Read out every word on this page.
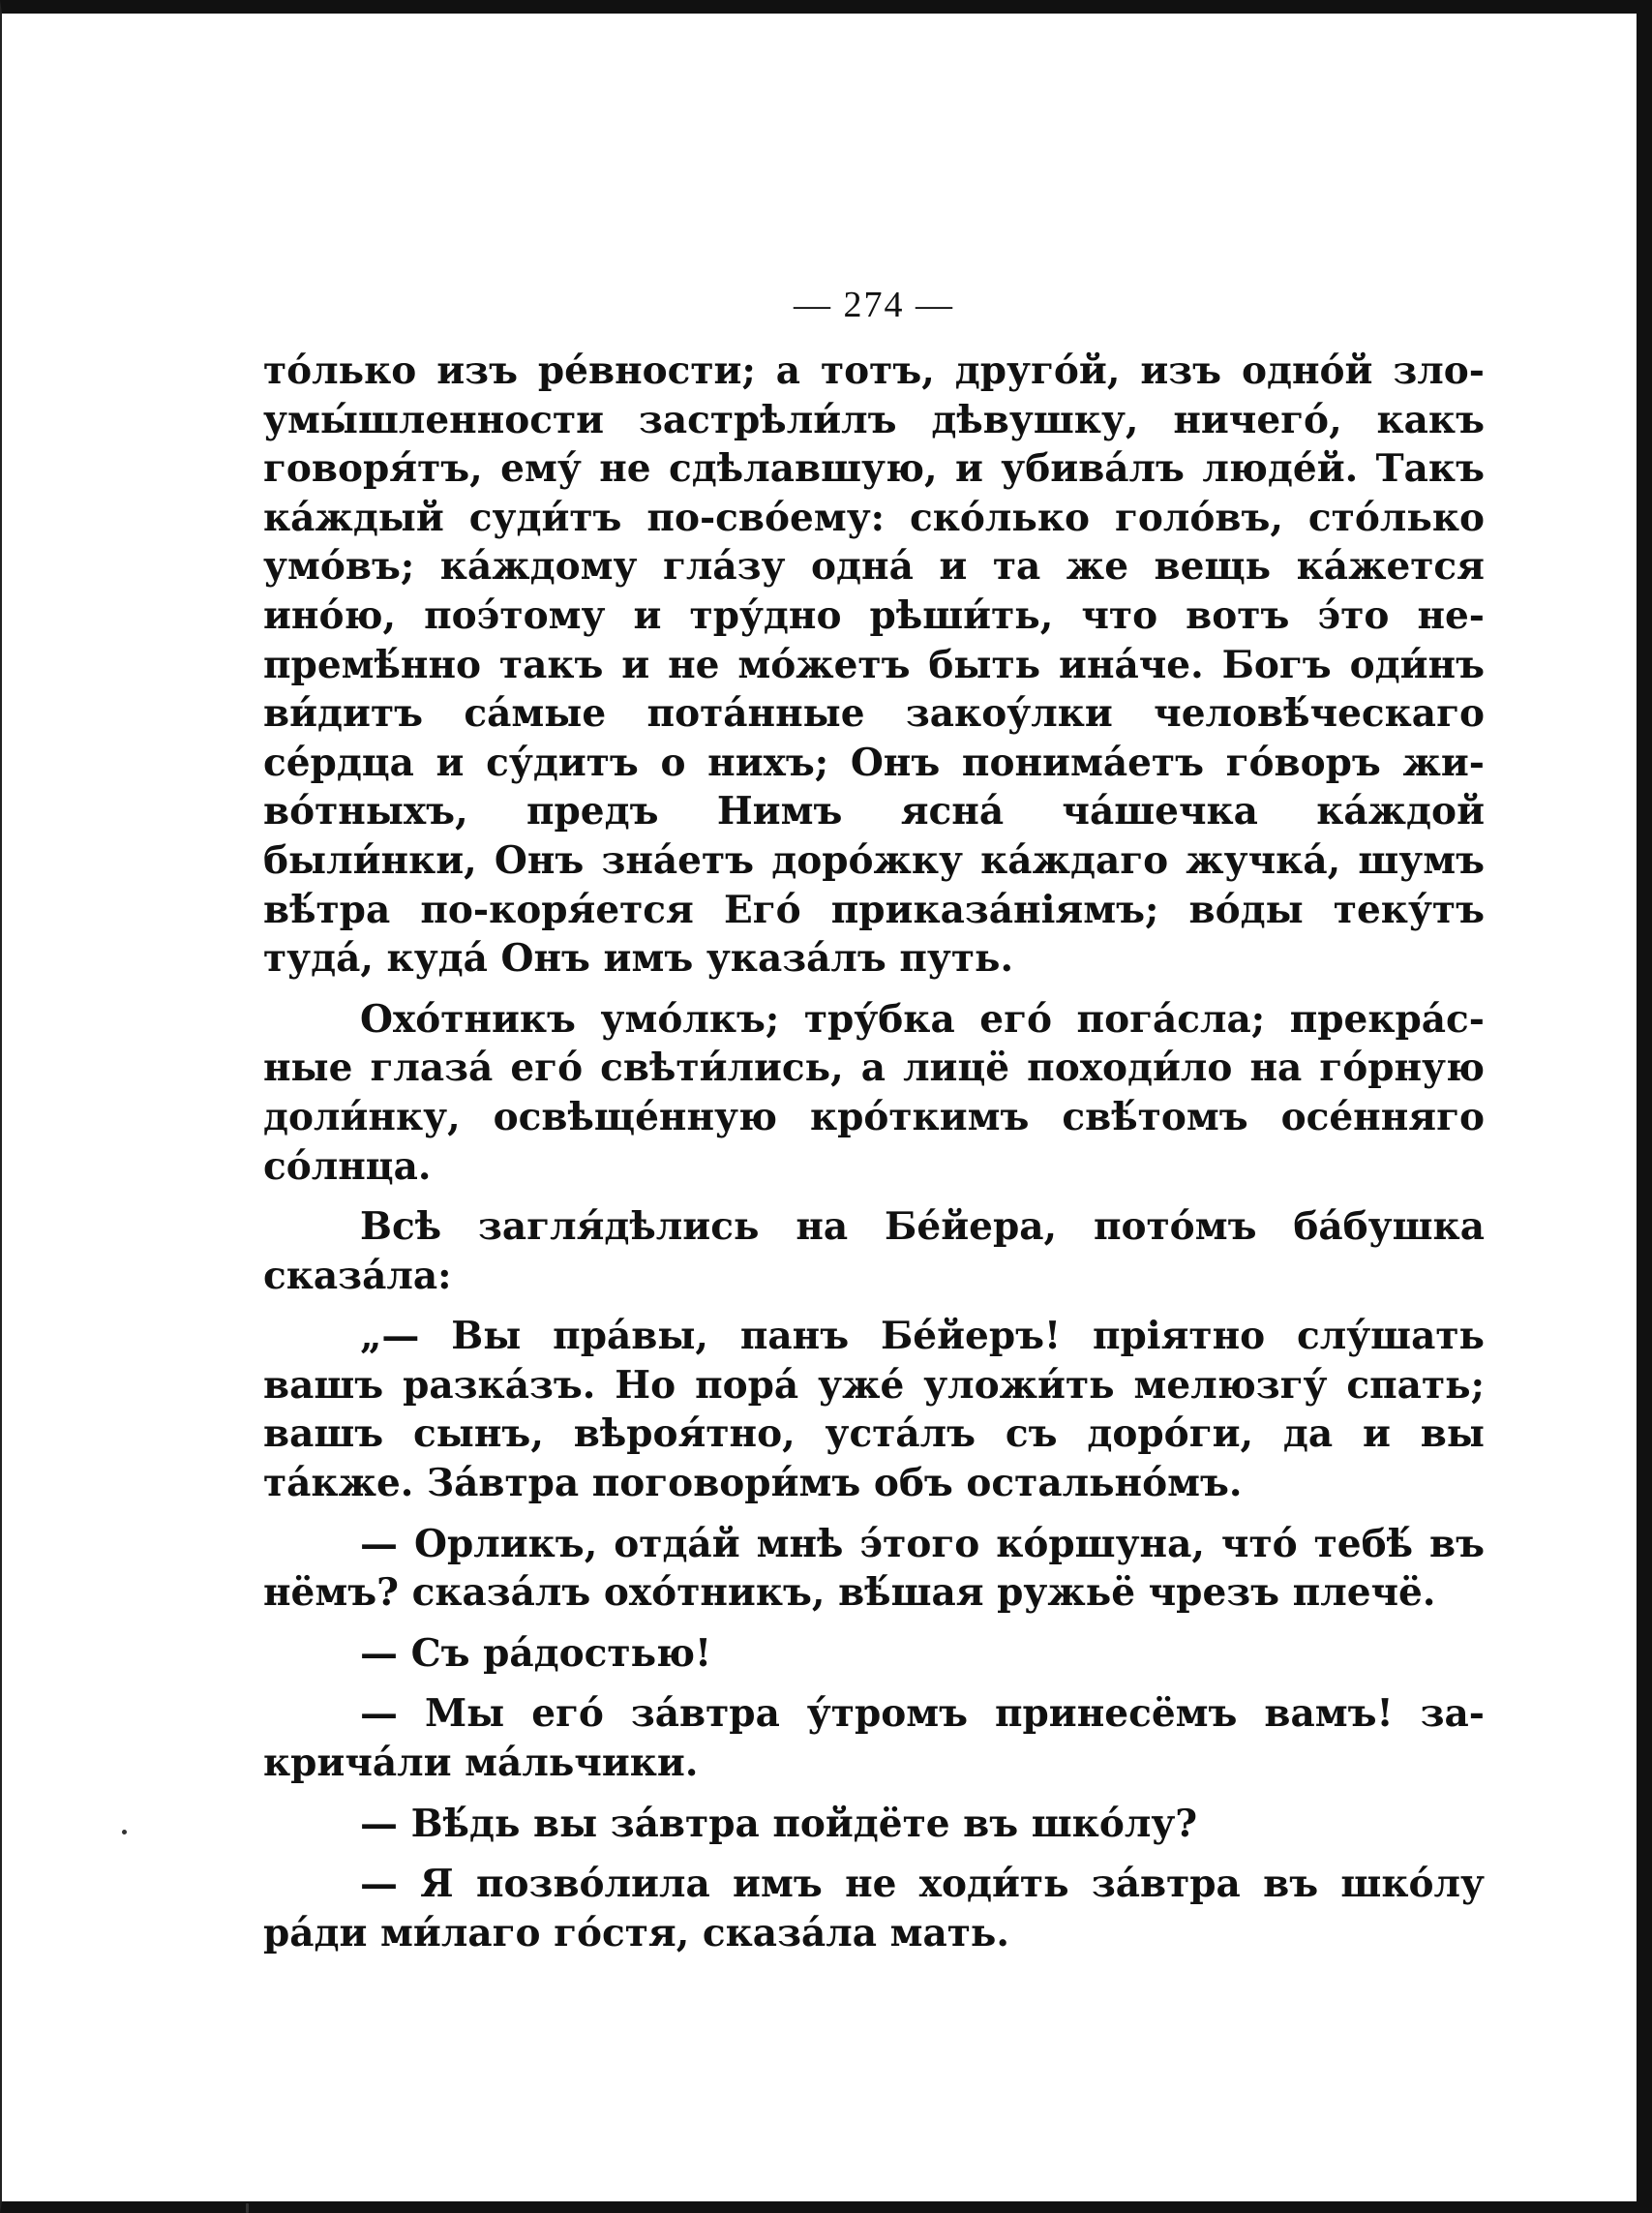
— 274 —

то́лько изъ ре́вности; а тотъ, друго́й, изъ одно́й зло-умы́шленности застрѣли́лъ дѣвушку, ничего́, какъ говоря́тъ, ему́ не сдѣлавшую, и убива́лъ люде́й. Такъ ка́ждый суди́тъ по-сво́ему: ско́лько голо́въ, сто́лько умо́въ; ка́ждому гла́зу одна́ и та же вещь ка́жется ино́ю, поэ́тому и тру́дно рѣши́ть, что вотъ э́то не-премѣ́нно такъ и не мо́жетъ быть ина́че. Богъ оди́нъ ви́дитъ са́мые пота́нные закоу́лки человѣ́ческаго се́рдца и су́дитъ о нихъ; Онъ понима́етъ го́воръ жи-во́тныхъ, предъ Нимъ ясна́ ча́шечка ка́ждой были́нки, Онъ зна́етъ доро́жку ка́ждаго жучка́, шумъ вѣ́тра по-коря́ется Его́ приказа́ніямъ; во́ды теку́тъ туда́, куда́ Онъ имъ указа́лъ путь.

Охо́тникъ умо́лкъ; тру́бка его́ пога́сла; прекра́с-ные глаза́ его́ свѣти́лись, а лицё походи́ло на го́рную доли́нку, освѣще́нную кро́ткимъ свѣ́томъ осе́нняго со́лнца.

Всѣ загля́дѣлись на Бе́йера, пото́мъ ба́бушка сказа́ла:

„— Вы пра́вы, панъ Бе́йеръ! пріятно слу́шать вашъ разка́зъ. Но пора́ уже́ уложи́ть мелюзгу́ спать; вашъ сынъ, вѣроя́тно, уста́лъ съ доро́ги, да и вы та́кже. За́втра поговори́мъ объ остально́мъ.

— Орликъ, отда́й мнѣ э́того ко́ршуна, что́ тебѣ́ въ нёмъ? сказа́лъ охо́тникъ, вѣ́шая ружьё чрезъ плечё.

— Съ ра́достью!

— Мы его́ за́втра у́тромъ принесёмъ вамъ! за-крича́ли ма́льчики.

— Вѣ́дь вы за́втра пойдёте въ шко́лу?

— Я позво́лила имъ не ходи́ть за́втра въ шко́лу ра́ди ми́лаго го́стя, сказа́ла мать.
